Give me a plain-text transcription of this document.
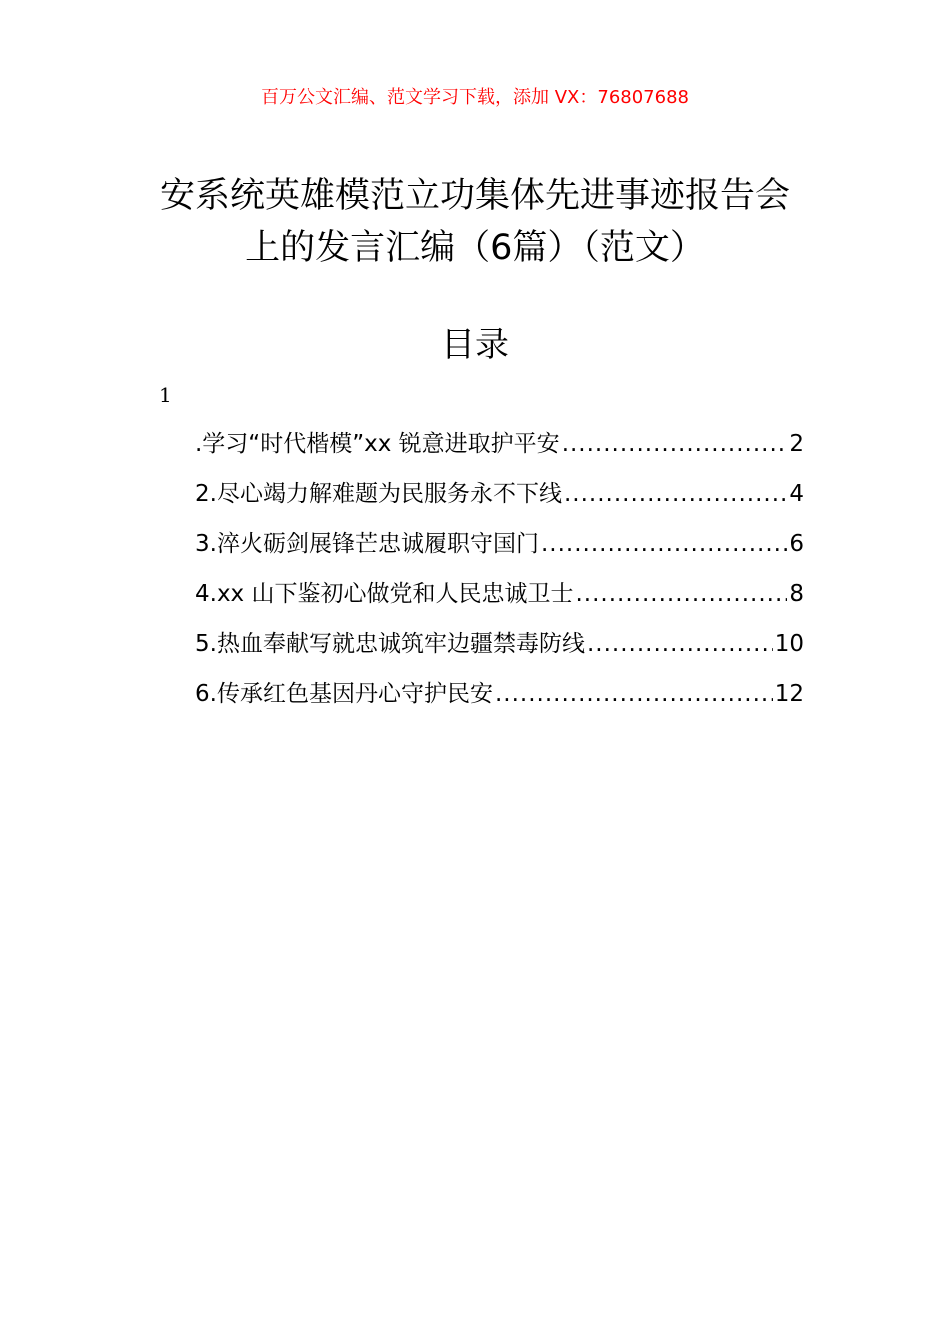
百万公文汇编、范文学习下载，添加 VX：76807688
安系统英雄模范立功集体先进事迹报告会
上的发言汇编（6篇）（范文）
目录
1
.学习“时代楷模”xx 锐意进取护平安 .....	2
2.尽心竭力解难题为民服务永不下线 .....	4
3.淬火砺剑展锋芒忠诚履职守国门 .....	6
4.xx 山下鉴初心做党和人民忠诚卫士 .....	8
5.热血奉献写就忠诚筑牢边疆禁毒防线 .....	10
6.传承红色基因丹心守护民安 .....	12
